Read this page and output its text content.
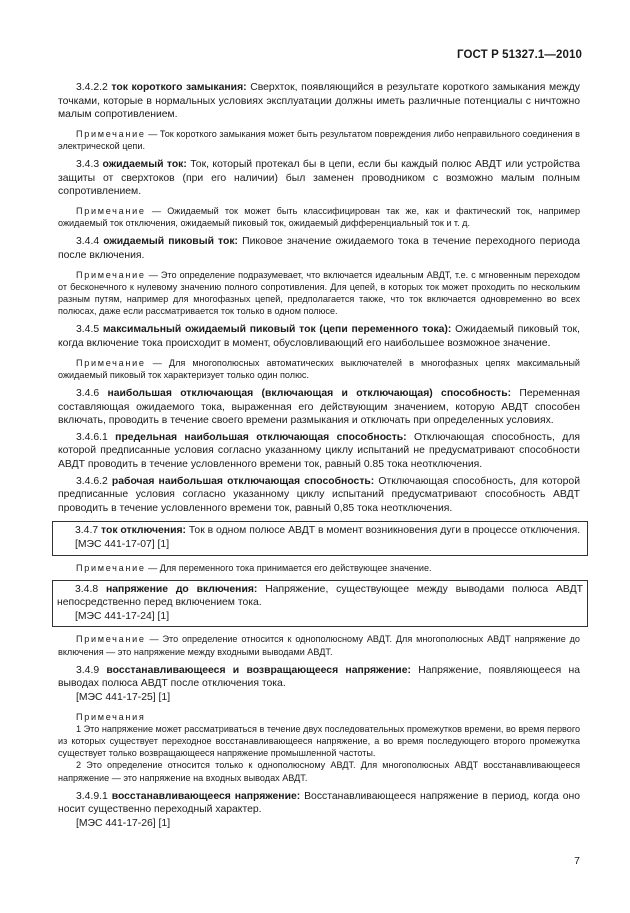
ГОСТ Р 51327.1—2010

3.4.2.2 ток короткого замыкания: Сверхток, появляющийся в результате короткого замыкания между точками, которые в нормальных условиях эксплуатации должны иметь различные потенциалы с ничтожно малым сопротивлением.

Примечание — Ток короткого замыкания может быть результатом повреждения либо неправильного соединения в электрической цепи.

3.4.3 ожидаемый ток: Ток, который протекал бы в цепи, если бы каждый полюс АВДТ или устройства защиты от сверхтоков (при его наличии) был заменен проводником с возможно малым полным сопротивлением.

Примечание — Ожидаемый ток может быть классифицирован так же, как и фактический ток, например ожидаемый ток отключения, ожидаемый пиковый ток, ожидаемый дифференциальный ток и т. д.

3.4.4 ожидаемый пиковый ток: Пиковое значение ожидаемого тока в течение переходного периода после включения.

Примечание — Это определение подразумевает, что включается идеальным АВДТ, т.е. с мгновенным переходом от бесконечного к нулевому значению полного сопротивления. Для цепей, в которых ток может проходить по нескольким разным путям, например для многофазных цепей, предполагается также, что ток включается одновременно во всех полюсах, даже если рассматривается ток только в одном полюсе.

3.4.5 максимальный ожидаемый пиковый ток (цепи переменного тока): Ожидаемый пиковый ток, когда включение тока происходит в момент, обусловливающий его наибольшее возможное значение.

Примечание — Для многополюсных автоматических выключателей в многофазных цепях максимальный ожидаемый пиковый ток характеризует только один полюс.

3.4.6 наибольшая отключающая (включающая и отключающая) способность: Переменная составляющая ожидаемого тока, выраженная его действующим значением, которую АВДТ способен включать, проводить в течение своего времени размыкания и отключать при определенных условиях.

3.4.6.1 предельная наибольшая отключающая способность: Отключающая способность, для которой предписанные условия согласно указанному циклу испытаний не предусматривают способности АВДТ проводить в течение условленного времени ток, равный 0.85 тока неотключения.

3.4.6.2 рабочая наибольшая отключающая способность: Отключающая способность, для которой предписанные условия согласно указанному циклу испытаний предусматривают способность АВДТ проводить в течение условленного времени ток, равный 0,85 тока неотключения.

3.4.7 ток отключения: Ток в одном полюсе АВДТ в момент возникновения дуги в процессе отключения.

[МЭС 441-17-07] [1]

Примечание — Для переменного тока принимается его действующее значение.

3.4.8 напряжение до включения: Напряжение, существующее между выводами полюса АВДТ непосредственно перед включением тока.

[МЭС 441-17-24] [1]

Примечание — Это определение относится к однополюсному АВДТ. Для многополюсных АВДТ напряжение до включения — это напряжение между входными выводами АВДТ.

3.4.9 восстанавливающееся и возвращающееся напряжение: Напряжение, появляющееся на выводах полюса АВДТ после отключения тока.

[МЭС 441-17-25] [1]

Примечания

1 Это напряжение может рассматриваться в течение двух последовательных промежутков времени, во время первого из которых существует переходное восстанавливающееся напряжение, а во время последующего второго промежутка существует только возвращающееся напряжение промышленной частоты.

2 Это определение относится только к однополюсному АВДТ. Для многополюсных АВДТ восстанавливающееся напряжение — это напряжение на входных выводах АВДТ.

3.4.9.1 восстанавливающееся напряжение: Восстанавливающееся напряжение в период, когда оно носит существенно переходный характер.

[МЭС 441-17-26] [1]

7
